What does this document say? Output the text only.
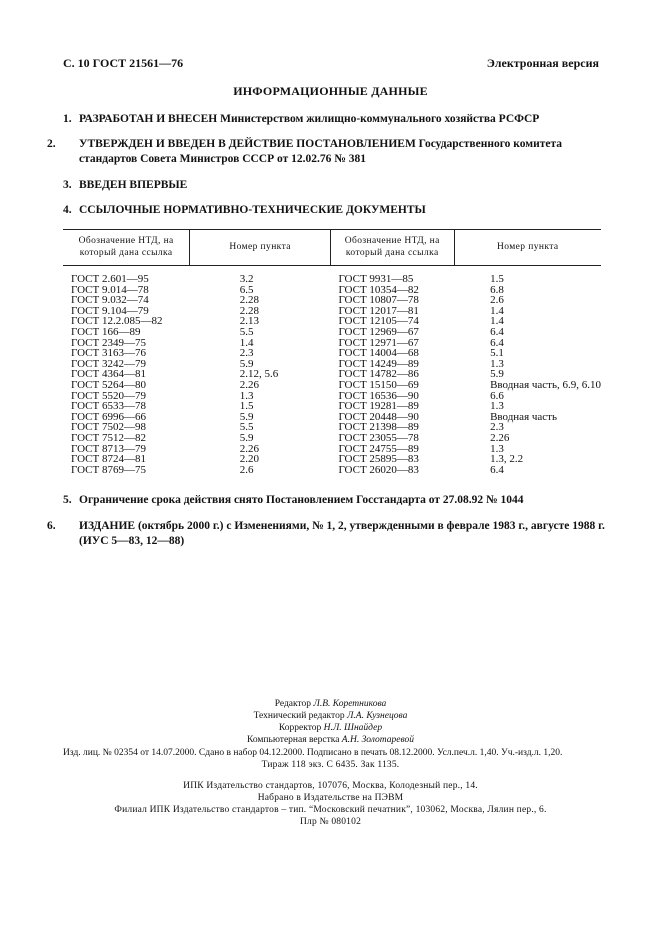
С. 10 ГОСТ 21561—76	Электронная версия
ИНФОРМАЦИОННЫЕ ДАННЫЕ
1. РАЗРАБОТАН И ВНЕСЕН Министерством жилищно-коммунального хозяйства РСФСР
2. УТВЕРЖДЕН И ВВЕДЕН В ДЕЙСТВИЕ ПОСТАНОВЛЕНИЕМ Государственного комитета стандартов Совета Министров СССР от 12.02.76 № 381
3. ВВЕДЕН ВПЕРВЫЕ
4. ССЫЛОЧНЫЕ НОРМАТИВНО-ТЕХНИЧЕСКИЕ ДОКУМЕНТЫ
Обозначение НТД, на который дана ссылка	Номер пункта	Обозначение НТД, на который дана ссылка	Номер пункта
ГОСТ 2.601—95	3.2	ГОСТ 9931—85	1.5
ГОСТ 9.014—78	6.5	ГОСТ 10354—82	6.8
ГОСТ 9.032—74	2.28	ГОСТ 10807—78	2.6
ГОСТ 9.104—79	2.28	ГОСТ 12017—81	1.4
ГОСТ 12.2.085—82	2.13	ГОСТ 12105—74	1.4
ГОСТ 166—89	5.5	ГОСТ 12969—67	6.4
ГОСТ 2349—75	1.4	ГОСТ 12971—67	6.4
ГОСТ 3163—76	2.3	ГОСТ 14004—68	5.1
ГОСТ 3242—79	5.9	ГОСТ 14249—89	1.3
ГОСТ 4364—81	2.12, 5.6	ГОСТ 14782—86	5.9
ГОСТ 5264—80	2.26	ГОСТ 15150—69	Вводная часть, 6.9, 6.10
ГОСТ 5520—79	1.3	ГОСТ 16536—90	6.6
ГОСТ 6533—78	1.5	ГОСТ 19281—89	1.3
ГОСТ 6996—66	5.9	ГОСТ 20448—90	Вводная часть
ГОСТ 7502—98	5.5	ГОСТ 21398—89	2.3
ГОСТ 7512—82	5.9	ГОСТ 23055—78	2.26
ГОСТ 8713—79	2.26	ГОСТ 24755—89	1.3
ГОСТ 8724—81	2.20	ГОСТ 25895—83	1.3, 2.2
ГОСТ 8769—75	2.6	ГОСТ 26020—83	6.4
5. Ограничение срока действия снято Постановлением Госстандарта от 27.08.92 № 1044
6. ИЗДАНИЕ (октябрь 2000 г.) с Изменениями, № 1, 2, утвержденными в феврале 1983 г., августе 1988 г. (ИУС 5—83, 12—88)
Редактор Л.В. Коретникова
Технический редактор Л.А. Кузнецова
Корректор Н.Л. Шнайдер
Компьютерная верстка А.Н. Золотаревой
Изд. лиц. № 02354 от 14.07.2000. Сдано в набор 04.12.2000. Подписано в печать 08.12.2000. Усл.печ.л. 1,40. Уч.-изд.л. 1,20.
Тираж 118 экз. С 6435. Зак 1135.
ИПК Издательство стандартов, 107076, Москва, Колодезный пер., 14.
Набрано в Издательстве на ПЭВМ
Филиал ИПК Издательство стандартов – тип. “Московский печатник”, 103062, Москва, Лялин пер., 6.
Плр № 080102
